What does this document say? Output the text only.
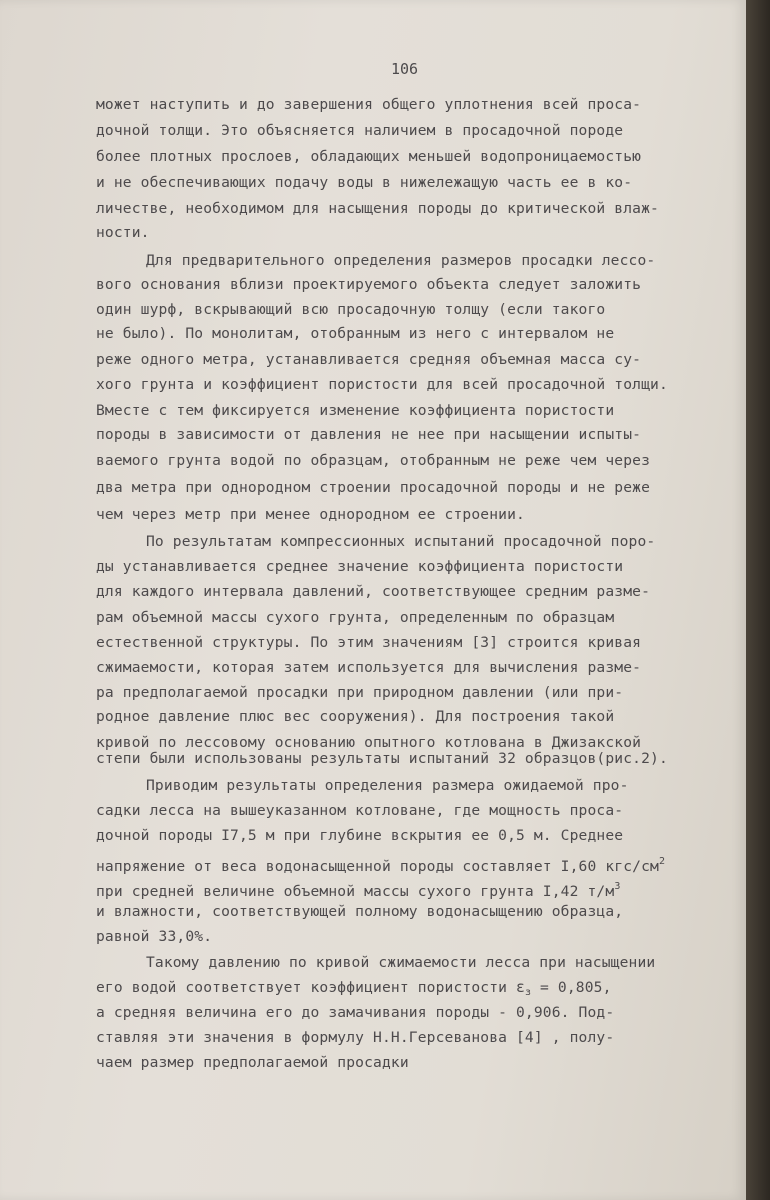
106
может наступить и до завершения общего уплотнения всей проса-
дочной толщи. Это объясняется наличием в просадочной породе
более плотных прослоев, обладающих меньшей водопроницаемостью
и не обеспечивающих подачу воды в нижележащую часть ее в ко-
личестве, необходимом для насыщения породы до критической влаж-
ности.
Для предварительного определения размеров просадки лессо-
вого основания вблизи проектируемого объекта следует заложить
один шурф, вскрывающий всю просадочную толщу (если такого
не было). По монолитам, отобранным из него с интервалом не
реже одного метра, устанавливается средняя объемная масса су-
хого грунта и коэффициент пористости для всей просадочной толщи.
Вместе с тем фиксируется изменение коэффициента пористости
породы в зависимости от давления не нее при насыщении испыты-
ваемого грунта водой по образцам, отобранным не реже чем через
два метра при однородном строении просадочной породы и не реже
чем через метр при менее однородном ее строении.
По результатам компрессионных испытаний просадочной поро-
ды устанавливается среднее значение коэффициента пористости
для каждого интервала давлений, соответствующее средним разме-
рам объемной массы сухого грунта, определенным по образцам
естественной структуры. По этим значениям [3] строится кривая
сжимаемости, которая затем используется для вычисления разме-
ра предполагаемой просадки при природном давлении (или при-
родное давление плюс вес сооружения). Для построения такой
кривой по лессовому основанию опытного котлована в Джизакской
степи были использованы результаты испытаний 32 образцов(рис.2).
Приводим результаты определения размера ожидаемой про-
садки лесса на вышеуказанном котловане, где мощность проса-
дочной породы I7,5 м при глубине вскрытия ее 0,5 м. Среднее
напряжение от веса водонасыщенной породы составляет I,60 кгс/$см^2$
при средней величине объемной массы сухого грунта I,42 $т/м^3$
и влажности, соответствующей полному водонасыщению образца,
равной 33,0%.
Такому давлению по кривой сжимаемости лесса при насыщении
его водой соответствует коэффициент пористости $\varepsilon_з = 0,805$,
а средняя величина его до замачивания породы - 0,906. Под-
ставляя эти значения в формулу Н.Н.Герсеванова [4] , полу-
чаем размер предполагаемой просадки
